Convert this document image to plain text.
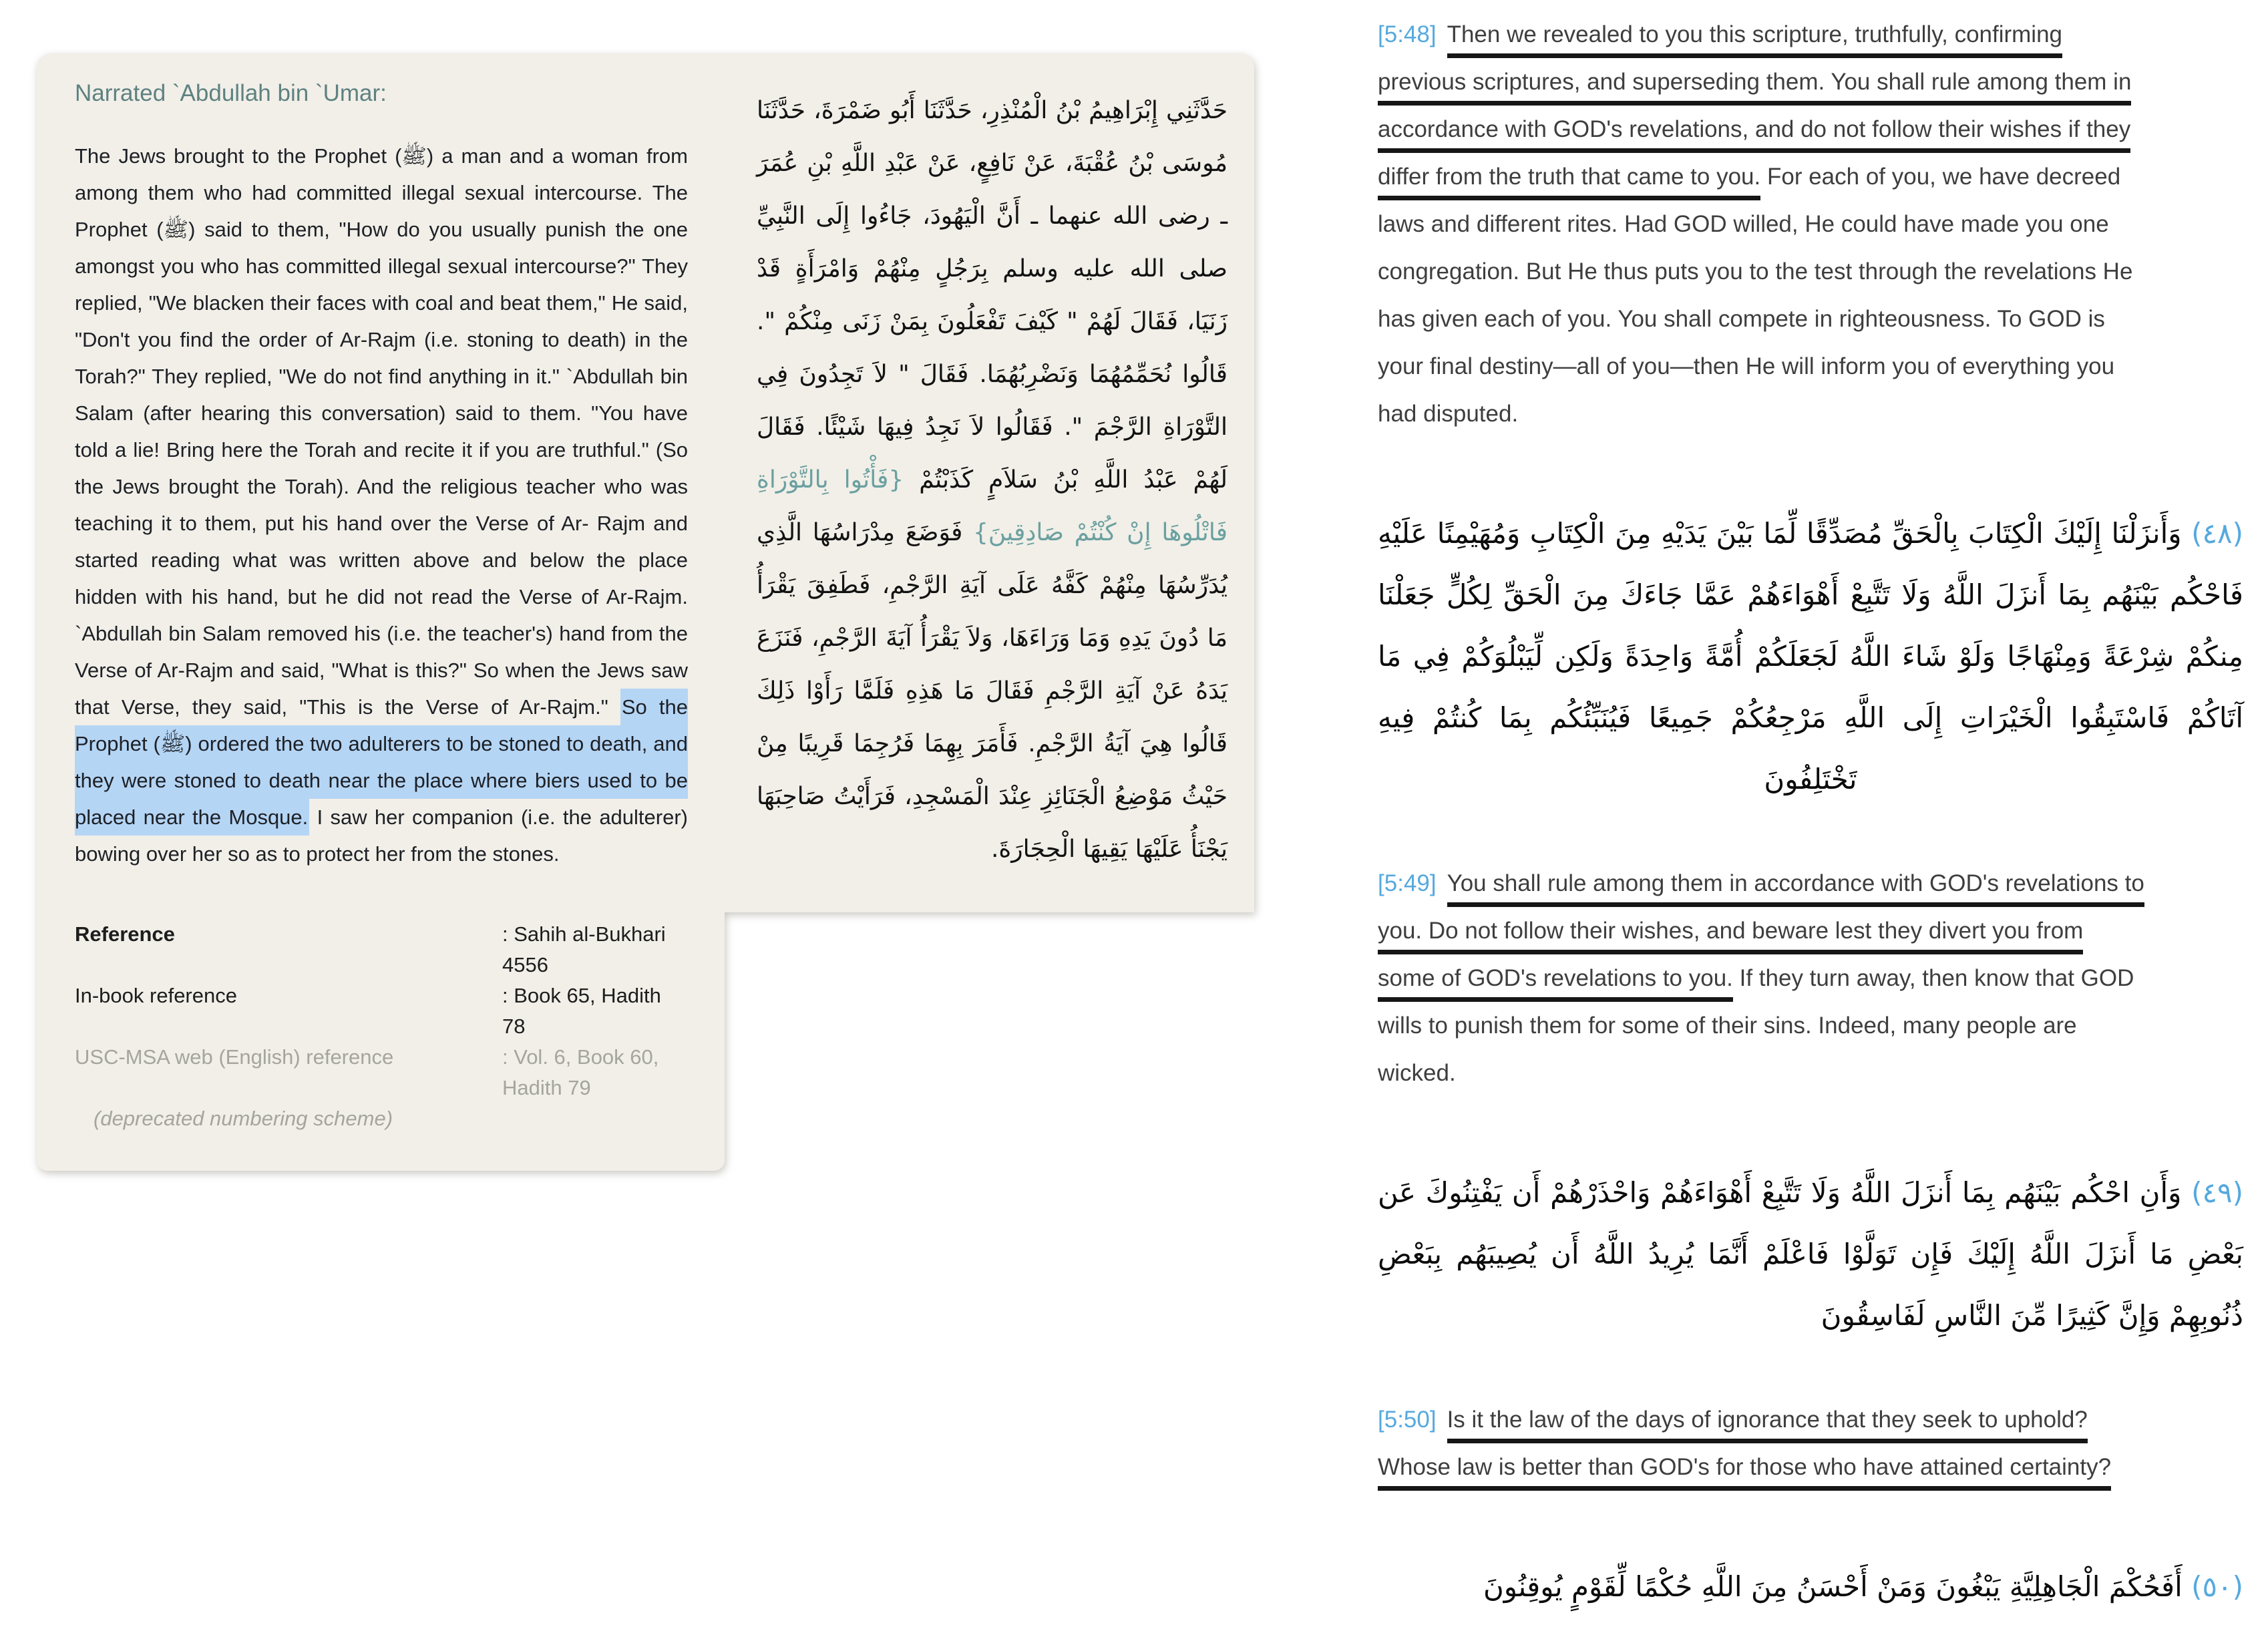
Narrated `Abdullah bin `Umar:

The Jews brought to the Prophet (ﷺ) a man and a woman from among them who had committed illegal sexual intercourse. The Prophet (ﷺ) said to them, "How do you usually punish the one amongst you who has committed illegal sexual intercourse?" They replied, "We blacken their faces with coal and beat them," He said, "Don't you find the order of Ar-Rajm (i.e. stoning to death) in the Torah?" They replied, "We do not find anything in it." `Abdullah bin Salam (after hearing this conversation) said to them. "You have told a lie! Bring here the Torah and recite it if you are truthful." (So the Jews brought the Torah). And the religious teacher who was teaching it to them, put his hand over the Verse of Ar- Rajm and started reading what was written above and below the place hidden with his hand, but he did not read the Verse of Ar-Rajm. `Abdullah bin Salam removed his (i.e. the teacher's) hand from the Verse of Ar-Rajm and said, "What is this?" So when the Jews saw that Verse, they said, "This is the Verse of Ar-Rajm." So the Prophet (ﷺ) ordered the two adulterers to be stoned to death, and they were stoned to death near the place where biers used to be placed near the Mosque. I saw her companion (i.e. the adulterer) bowing over her so as to protect her from the stones.

Reference	: Sahih al-Bukhari 4556
In-book reference	: Book 65, Hadith 78
USC-MSA web (English) reference	: Vol. 6, Book 60, Hadith 79
(deprecated numbering scheme)

حَدَّثَنِي إِبْرَاهِيمُ بْنُ الْمُنْذِرِ، حَدَّثَنَا أَبُو ضَمْرَةَ، حَدَّثَنَا مُوسَى بْنُ عُقْبَةَ، عَنْ نَافِعٍ، عَنْ عَبْدِ اللَّهِ بْنِ عُمَرَ ـ رضى الله عنهما ـ أَنَّ الْيَهُودَ، جَاءُوا إِلَى النَّبِيِّ صلى الله عليه وسلم بِرَجُلٍ مِنْهُمْ وَامْرَأَةٍ قَدْ زَنَيَا، فَقَالَ لَهُمْ " كَيْفَ تَفْعَلُونَ بِمَنْ زَنَى مِنْكُمْ ". قَالُوا نُحَمِّمُهُمَا وَنَضْرِبُهُمَا. فَقَالَ " لاَ تَجِدُونَ فِي التَّوْرَاةِ الرَّجْمَ ". فَقَالُوا لاَ نَجِدُ فِيهَا شَيْئًا. فَقَالَ لَهُمْ عَبْدُ اللَّهِ بْنُ سَلاَمٍ كَذَبْتُمْ {فَأْتُوا بِالتَّوْرَاةِ فَاتْلُوهَا إِنْ كُنْتُمْ صَادِقِينَ} فَوَضَعَ مِدْرَاسُهَا الَّذِي يُدَرِّسُهَا مِنْهُمْ كَفَّهُ عَلَى آيَةِ الرَّجْمِ، فَطَفِقَ يَقْرَأُ مَا دُونَ يَدِهِ وَمَا وَرَاءَهَا، وَلاَ يَقْرَأُ آيَةَ الرَّجْمِ، فَنَزَعَ يَدَهُ عَنْ آيَةِ الرَّجْمِ فَقَالَ مَا هَذِهِ فَلَمَّا رَأَوْا ذَلِكَ قَالُوا هِيَ آيَةُ الرَّجْمِ. فَأَمَرَ بِهِمَا فَرُجِمَا قَرِيبًا مِنْ حَيْثُ مَوْضِعُ الْجَنَائِزِ عِنْدَ الْمَسْجِدِ، فَرَأَيْتُ صَاحِبَهَا يَجْنَأُ عَلَيْهَا يَقِيهَا الْحِجَارَةَ.

[5:48] Then we revealed to you this scripture, truthfully, confirming
previous scriptures, and superseding them. You shall rule among them in
accordance with GOD's revelations, and do not follow their wishes if they
differ from the truth that came to you. For each of you, we have decreed
laws and different rites. Had GOD willed, He could have made you one
congregation. But He thus puts you to the test through the revelations He
has given each of you. You shall compete in righteousness. To GOD is
your final destiny—all of you—then He will inform you of everything you
had disputed.
(٤٨) وَأَنزَلْنَا إِلَيْكَ الْكِتَابَ بِالْحَقِّ مُصَدِّقًا لِّمَا بَيْنَ يَدَيْهِ مِنَ الْكِتَابِ وَمُهَيْمِنًا عَلَيْهِ فَاحْكُم بَيْنَهُم بِمَا أَنزَلَ اللَّهُ وَلَا تَتَّبِعْ أَهْوَاءَهُمْ عَمَّا جَاءَكَ مِنَ الْحَقِّ لِكُلٍّ جَعَلْنَا مِنكُمْ شِرْعَةً وَمِنْهَاجًا وَلَوْ شَاءَ اللَّهُ لَجَعَلَكُمْ أُمَّةً وَاحِدَةً وَلَكِن لِّيَبْلُوَكُمْ فِي مَا آتَاكُمْ فَاسْتَبِقُوا الْخَيْرَاتِ إِلَى اللَّهِ مَرْجِعُكُمْ جَمِيعًا فَيُنَبِّئُكُم بِمَا كُنتُمْ فِيهِ تَخْتَلِفُونَ
[5:49] You shall rule among them in accordance with GOD's revelations to
you. Do not follow their wishes, and beware lest they divert you from
some of GOD's revelations to you. If they turn away, then know that GOD
wills to punish them for some of their sins. Indeed, many people are
wicked.
(٤٩) وَأَنِ احْكُم بَيْنَهُم بِمَا أَنزَلَ اللَّهُ وَلَا تَتَّبِعْ أَهْوَاءَهُمْ وَاحْذَرْهُمْ أَن يَفْتِنُوكَ عَن بَعْضِ مَا أَنزَلَ اللَّهُ إِلَيْكَ فَإِن تَوَلَّوْا فَاعْلَمْ أَنَّمَا يُرِيدُ اللَّهُ أَن يُصِيبَهُم بِبَعْضِ ذُنُوبِهِمْ وَإِنَّ كَثِيرًا مِّنَ النَّاسِ لَفَاسِقُونَ
[5:50] Is it the law of the days of ignorance that they seek to uphold?
Whose law is better than GOD's for those who have attained certainty?
(٥٠) أَفَحُكْمَ الْجَاهِلِيَّةِ يَبْغُونَ وَمَنْ أَحْسَنُ مِنَ اللَّهِ حُكْمًا لِّقَوْمٍ يُوقِنُونَ
